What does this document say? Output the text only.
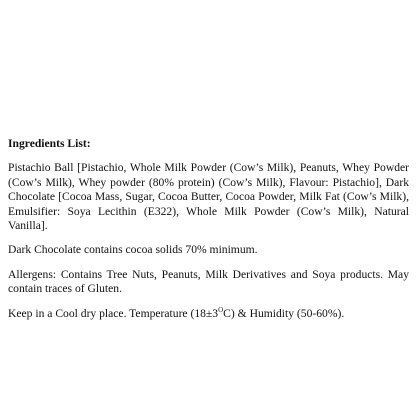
Ingredients List:

Pistachio Ball [Pistachio, Whole Milk Powder (Cow’s Milk), Peanuts, Whey Powder (Cow’s Milk), Whey powder (80% protein) (Cow’s Milk), Flavour: Pistachio], Dark Chocolate [Cocoa Mass, Sugar, Cocoa Butter, Cocoa Powder, Milk Fat (Cow’s Milk), Emulsifier: Soya Lecithin (E322), Whole Milk Powder (Cow’s Milk), Natural Vanilla].

Dark Chocolate contains cocoa solids 70% minimum.

Allergens: Contains Tree Nuts, Peanuts, Milk Derivatives and Soya products. May contain traces of Gluten.

Keep in a Cool dry place. Temperature $(18\pm 3^OC)$ & Humidity (50-60%).
